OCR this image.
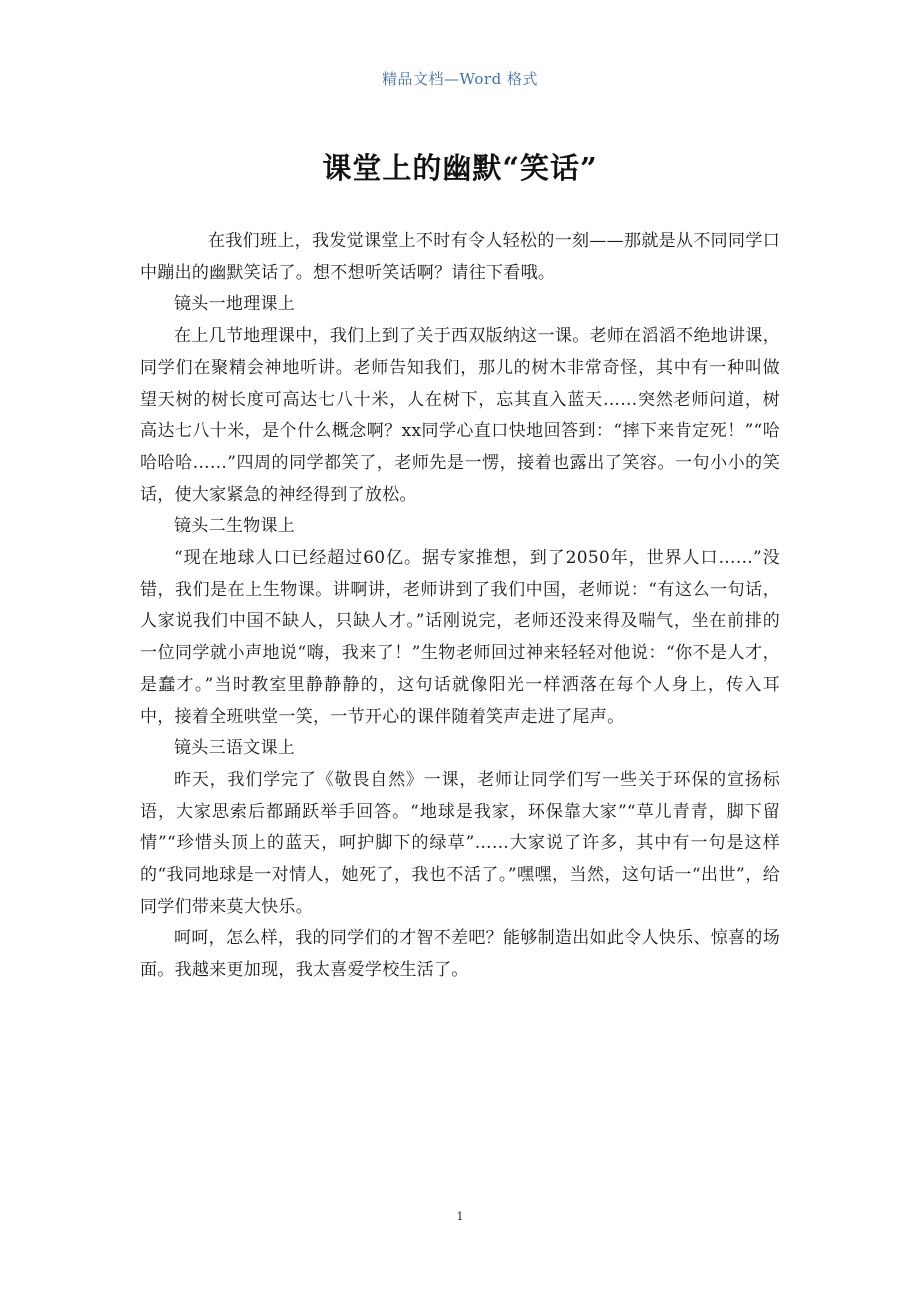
精品文档—Word 格式
课堂上的幽默“笑话”

在我们班上，我发觉课堂上不时有令人轻松的一刻——那就是从不同同学口中蹦出的幽默笑话了。想不想听笑话啊？请往下看哦。

镜头一地理课上

在上几节地理课中，我们上到了关于西双版纳这一课。老师在滔滔不绝地讲课，同学们在聚精会神地听讲。老师告知我们，那儿的树木非常奇怪，其中有一种叫做望天树的树长度可高达七八十米，人在树下，忘其直入蓝天……突然老师问道，树高达七八十米，是个什么概念啊？xx同学心直口快地回答到：“摔下来肯定死！”“哈哈哈哈……”四周的同学都笑了，老师先是一愣，接着也露出了笑容。一句小小的笑话，使大家紧急的神经得到了放松。

镜头二生物课上

“现在地球人口已经超过60亿。据专家推想，到了2050年，世界人口……”没错，我们是在上生物课。讲啊讲，老师讲到了我们中国，老师说：“有这么一句话，人家说我们中国不缺人，只缺人才。”话刚说完，老师还没来得及喘气，坐在前排的一位同学就小声地说“嗨，我来了！”生物老师回过神来轻轻对他说：“你不是人才，是蠢才。”当时教室里静静静的，这句话就像阳光一样洒落在每个人身上，传入耳中，接着全班哄堂一笑，一节开心的课伴随着笑声走进了尾声。

镜头三语文课上

昨天，我们学完了《敬畏自然》一课，老师让同学们写一些关于环保的宣扬标语，大家思索后都踊跃举手回答。“地球是我家，环保靠大家”“草儿青青，脚下留情”“珍惜头顶上的蓝天，呵护脚下的绿草”……大家说了许多，其中有一句是这样的“我同地球是一对情人，她死了，我也不活了。”嘿嘿，当然，这句话一“出世”，给同学们带来莫大快乐。

呵呵，怎么样，我的同学们的才智不差吧？能够制造出如此令人快乐、惊喜的场面。我越来更加现，我太喜爱学校生活了。

1
